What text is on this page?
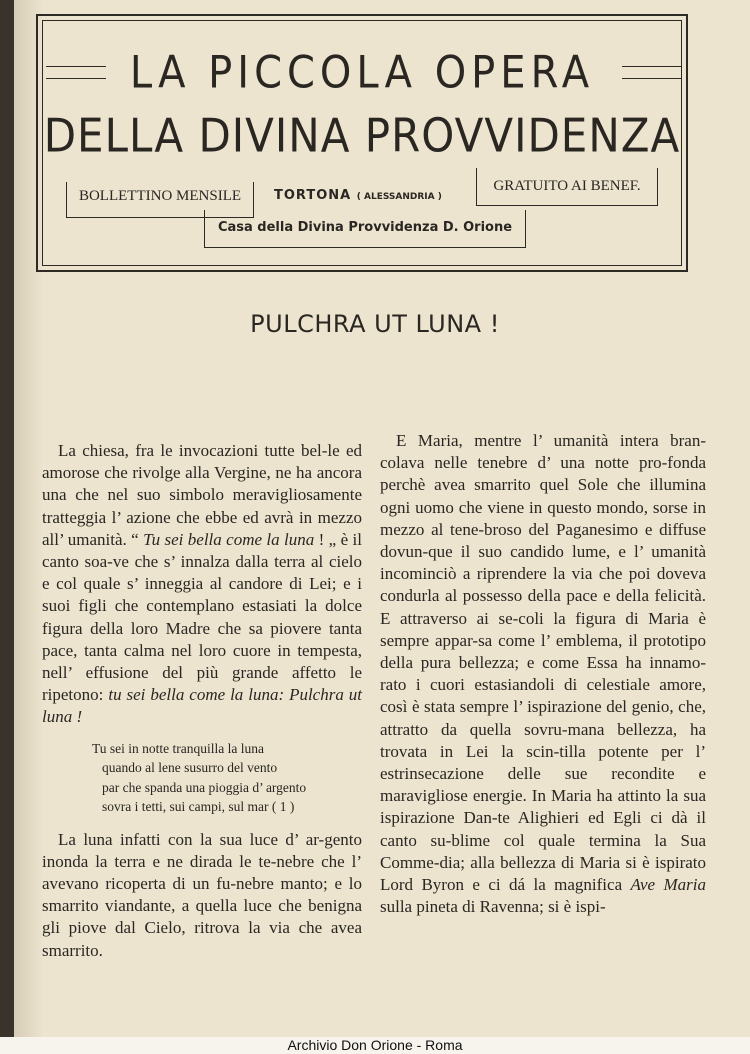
LA PICCOLA OPERA
DELLA DIVINA PROVVIDENZA
BOLLETTINO MENSILE	TORTONA ( ALESSANDRIA )
GRATUITO AI BENEF.
Casa della Divina Provvidenza D. Orione
PULCHRA UT LUNA !

La chiesa, fra le invocazioni tutte bel-le ed amorose che rivolge alla Vergine, ne ha ancora una che nel suo simbolo meravigliosamente tratteggia l’ azione che ebbe ed avrà in mezzo all’ umanità. “ Tu sei bella come la luna ! „ è il canto soa-ve che s’ innalza dalla terra al cielo e col quale s’ inneggia al candore di Lei; e i suoi figli che contemplano estasiati la dolce figura della loro Madre che sa piovere tanta pace, tanta calma nel loro cuore in tempesta, nell’ effusione del più grande affetto le ripetono: tu sei bella come la luna: Pulchra ut luna !

Tu sei in notte tranquilla la luna
quando al lene susurro del vento
par che spanda una pioggia d’ argento
sovra i tetti, sui campi, sul mar ( 1 )

La luna infatti con la sua luce d’ ar-gento inonda la terra e ne dirada le te-nebre che l’ avevano ricoperta di un fu-nebre manto; e lo smarrito viandante, a quella luce che benigna gli piove dal Cielo, ritrova la via che avea smarrito.

E Maria, mentre l’ umanità intera bran-colava nelle tenebre d’ una notte pro-fonda perchè avea smarrito quel Sole che illumina ogni uomo che viene in questo mondo, sorse in mezzo al tene-broso del Paganesimo e diffuse dovun-que il suo candido lume, e l’ umanità incominciò a riprendere la via che poi doveva condurla al possesso della pace e della felicità. E attraverso ai se-coli la figura di Maria è sempre appar-sa come l’ emblema, il prototipo della pura bellezza; e come Essa ha innamo-rato i cuori estasiandoli di celestiale amore, così è stata sempre l’ ispirazione del genio, che, attratto da quella sovru-mana bellezza, ha trovata in Lei la scin-tilla potente per l’ estrinsecazione delle sue recondite e maravigliose energie. In Maria ha attinto la sua ispirazione Dan-te Alighieri ed Egli ci dà il canto su-blime col quale termina la Sua Comme-dia; alla bellezza di Maria si è ispirato Lord Byron e ci dá la magnifica Ave Maria sulla pineta di Ravenna; si è ispi-

Archivio Don Orione - Roma
